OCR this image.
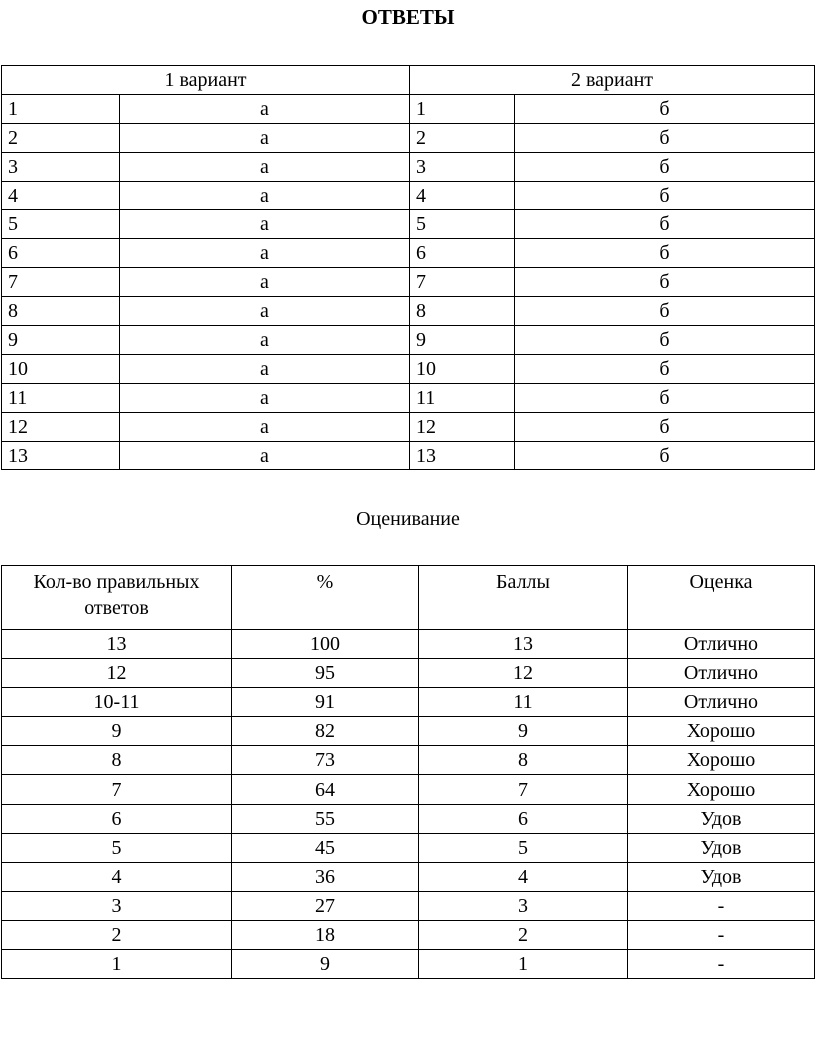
ОТВЕТЫ
1 вариант		2 вариант	
1	а	1	б
2	а	2	б
3	а	3	б
4	а	4	б
5	а	5	б
6	а	6	б
7	а	7	б
8	а	8	б
9	а	9	б
10	а	10	б
11	а	11	б
12	а	12	б
13	а	13	б
Оценивание
Кол-во правильных ответов	%	Баллы	Оценка
13	100	13	Отлично
12	95	12	Отлично
10-11	91	11	Отлично
9	82	9	Хорошо
8	73	8	Хорошо
7	64	7	Хорошо
6	55	6	Удов
5	45	5	Удов
4	36	4	Удов
3	27	3	-
2	18	2	-
1	9	1	-
